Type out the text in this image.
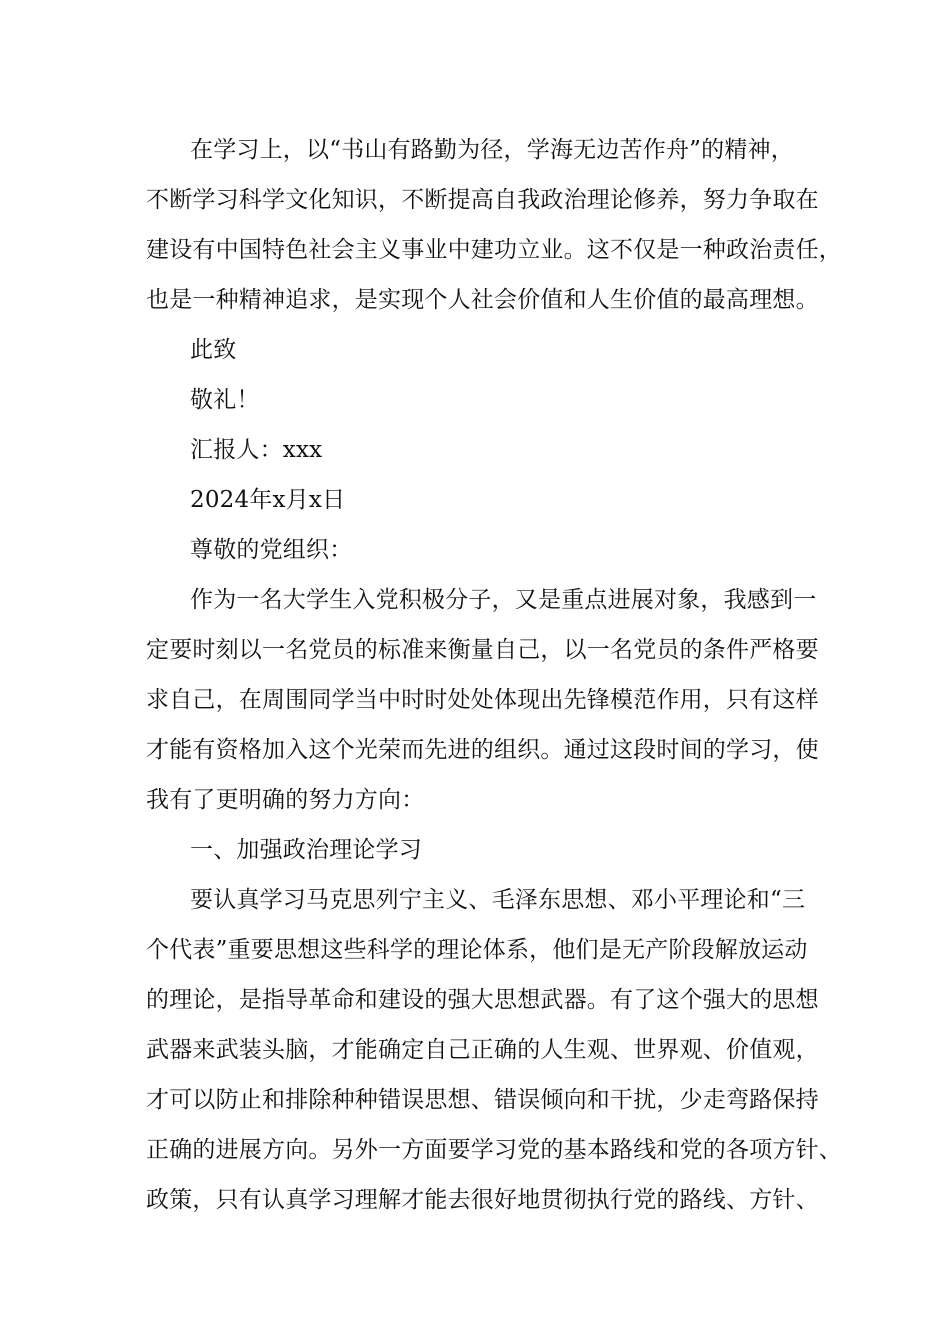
在学习上，以“书山有路勤为径，学海无边苦作舟”的精神，
不断学习科学文化知识，不断提高自我政治理论修养，努力争取在
建设有中国特色社会主义事业中建功立业。这不仅是一种政治责任，
也是一种精神追求，是实现个人社会价值和人生价值的最高理想。
此致
敬礼！
汇报人：xxx
2024年x月x日
尊敬的党组织：
作为一名大学生入党积极分子，又是重点进展对象，我感到一
定要时刻以一名党员的标准来衡量自己，以一名党员的条件严格要
求自己，在周围同学当中时时处处体现出先锋模范作用，只有这样
才能有资格加入这个光荣而先进的组织。通过这段时间的学习，使
我有了更明确的努力方向：
一、加强政治理论学习
要认真学习马克思列宁主义、毛泽东思想、邓小平理论和“三
个代表”重要思想这些科学的理论体系，他们是无产阶段解放运动
的理论，是指导革命和建设的强大思想武器。有了这个强大的思想
武器来武装头脑，才能确定自己正确的人生观、世界观、价值观，
才可以防止和排除种种错误思想、错误倾向和干扰，少走弯路保持
正确的进展方向。另外一方面要学习党的基本路线和党的各项方针、
政策，只有认真学习理解才能去很好地贯彻执行党的路线、方针、
